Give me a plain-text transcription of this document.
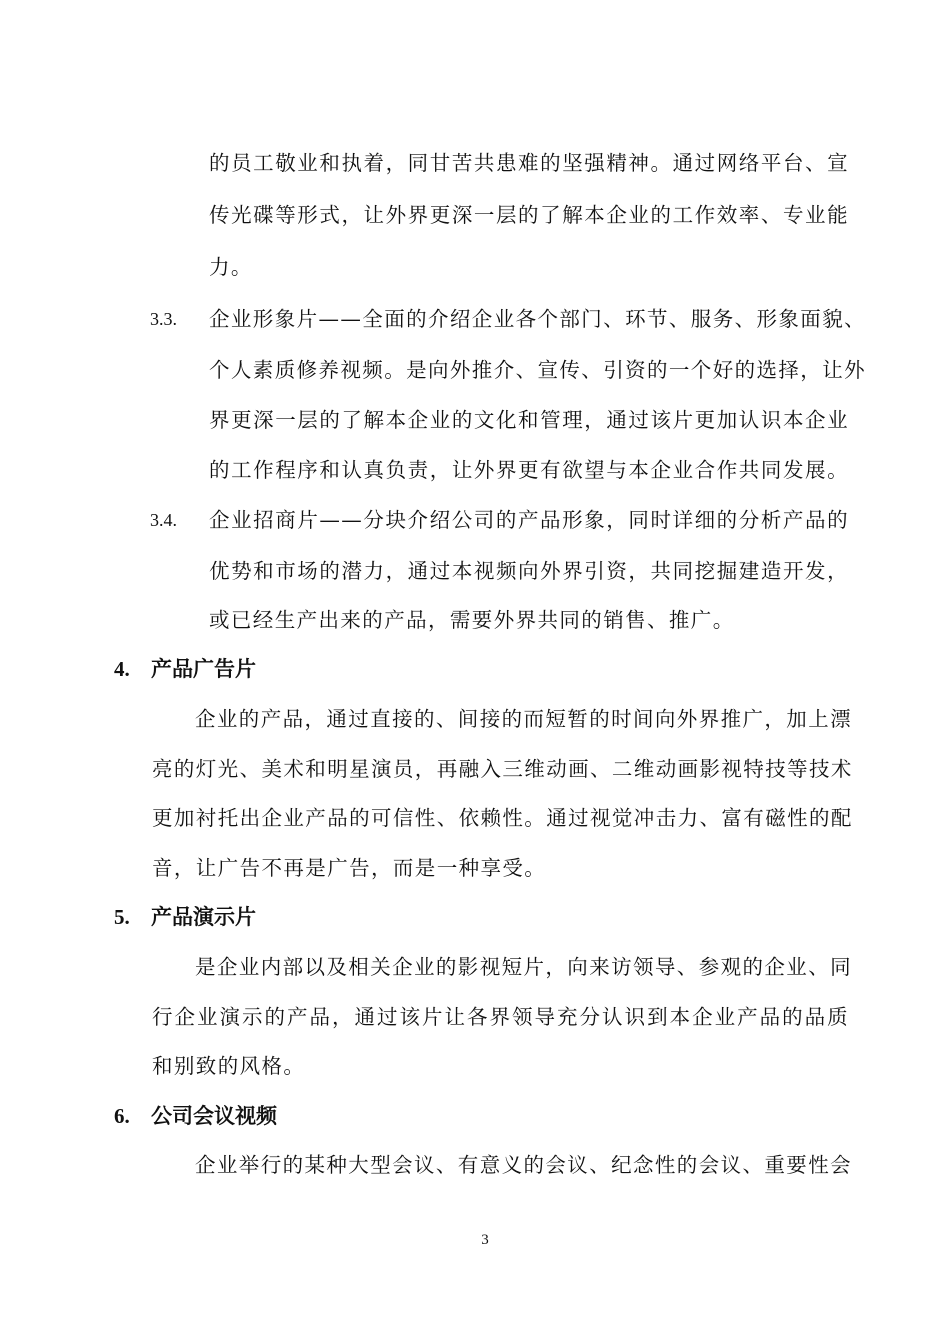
的员工敬业和执着，同甘苦共患难的坚强精神。通过网络平台、宣
传光碟等形式，让外界更深一层的了解本企业的工作效率、专业能
力。
3.3. 企业形象片——全面的介绍企业各个部门、环节、服务、形象面貌、
个人素质修养视频。是向外推介、宣传、引资的一个好的选择，让外
界更深一层的了解本企业的文化和管理，通过该片更加认识本企业
的工作程序和认真负责，让外界更有欲望与本企业合作共同发展。
3.4. 企业招商片——分块介绍公司的产品形象，同时详细的分析产品的
优势和市场的潜力，通过本视频向外界引资，共同挖掘建造开发，
或已经生产出来的产品，需要外界共同的销售、推广。
4. 产品广告片
企业的产品，通过直接的、间接的而短暂的时间向外界推广，加上漂
亮的灯光、美术和明星演员，再融入三维动画、二维动画影视特技等技术
更加衬托出企业产品的可信性、依赖性。通过视觉冲击力、富有磁性的配
音，让广告不再是广告，而是一种享受。
5. 产品演示片
是企业内部以及相关企业的影视短片，向来访领导、参观的企业、同
行企业演示的产品，通过该片让各界领导充分认识到本企业产品的品质
和别致的风格。
6. 公司会议视频
企业举行的某种大型会议、有意义的会议、纪念性的会议、重要性会
3
